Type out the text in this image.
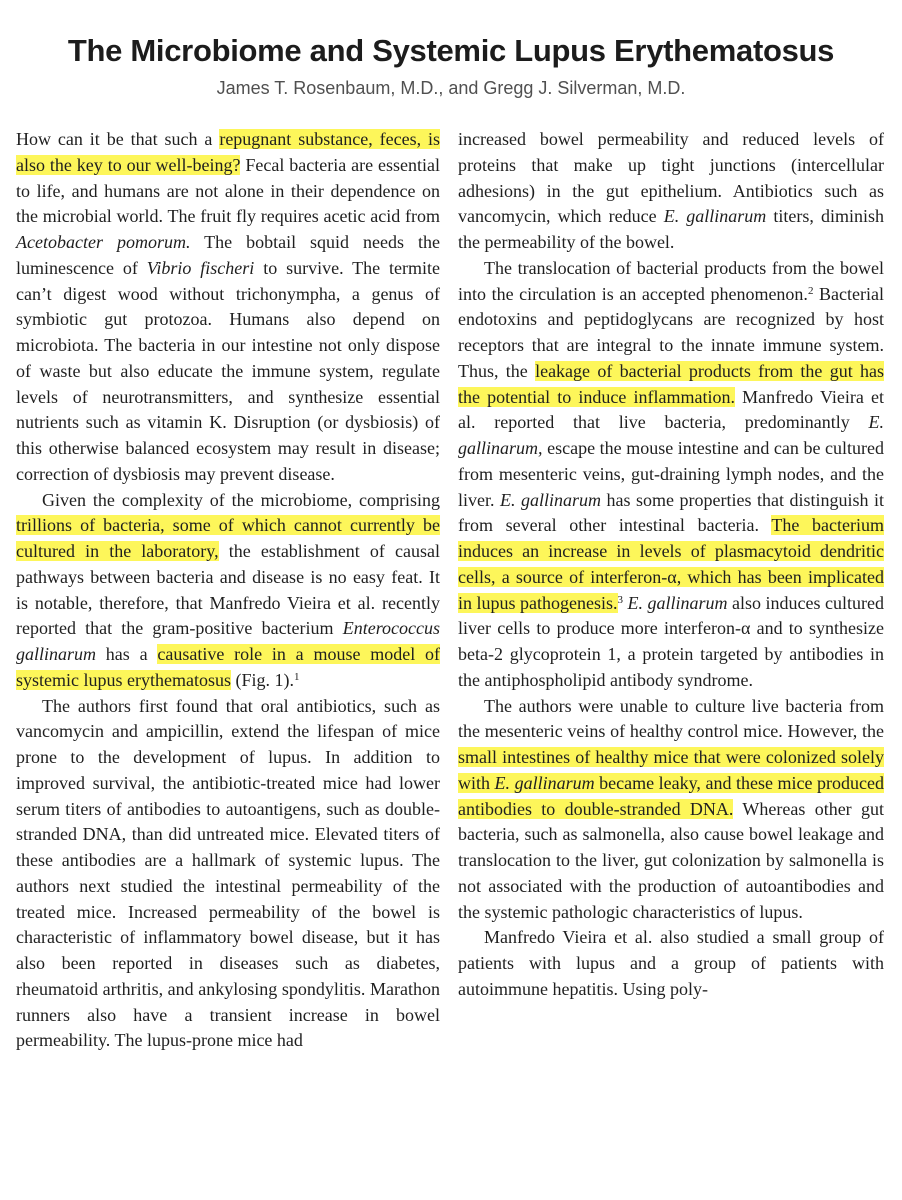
The Microbiome and Systemic Lupus Erythematosus
James T. Rosenbaum, M.D., and Gregg J. Silverman, M.D.

How can it be that such a repugnant substance, feces, is also the key to our well-being? Fecal bacteria are essential to life, and humans are not alone in their dependence on the microbial world. The fruit fly requires acetic acid from Acetobacter pomorum. The bobtail squid needs the luminescence of Vibrio fischeri to survive. The termite can’t digest wood without trichonympha, a genus of symbiotic gut protozoa. Humans also depend on microbiota. The bacteria in our intestine not only dispose of waste but also educate the immune system, regulate levels of neurotransmitters, and synthesize essential nutrients such as vitamin K. Disruption (or dysbiosis) of this otherwise balanced ecosystem may result in disease; correction of dysbiosis may prevent disease.

Given the complexity of the microbiome, comprising trillions of bacteria, some of which cannot currently be cultured in the laboratory, the establishment of causal pathways between bacteria and disease is no easy feat. It is notable, therefore, that Manfredo Vieira et al. recently reported that the gram-positive bacterium Enterococcus gallinarum has a causative role in a mouse model of systemic lupus erythematosus (Fig. 1).$^1$

The authors first found that oral antibiotics, such as vancomycin and ampicillin, extend the lifespan of mice prone to the development of lupus. In addition to improved survival, the antibiotic-treated mice had lower serum titers of antibodies to autoantigens, such as double-stranded DNA, than did untreated mice. Elevated titers of these antibodies are a hallmark of systemic lupus. The authors next studied the intestinal permeability of the treated mice. Increased permeability of the bowel is characteristic of inflammatory bowel disease, but it has also been reported in diseases such as diabetes, rheumatoid arthritis, and ankylosing spondylitis. Marathon runners also have a transient increase in bowel permeability. The lupus-prone mice had

increased bowel permeability and reduced levels of proteins that make up tight junctions (intercellular adhesions) in the gut epithelium. Antibiotics such as vancomycin, which reduce E. gallinarum titers, diminish the permeability of the bowel.

The translocation of bacterial products from the bowel into the circulation is an accepted phenomenon.$^2$ Bacterial endotoxins and peptidoglycans are recognized by host receptors that are integral to the innate immune system. Thus, the leakage of bacterial products from the gut has the potential to induce inflammation. Manfredo Vieira et al. reported that live bacteria, predominantly E. gallinarum, escape the mouse intestine and can be cultured from mesenteric veins, gut-draining lymph nodes, and the liver. E. gallinarum has some properties that distinguish it from several other intestinal bacteria. The bacterium induces an increase in levels of plasmacytoid dendritic cells, a source of interferon-α, which has been implicated in lupus pathogenesis.$^3$ E. gallinarum also induces cultured liver cells to produce more interferon-α and to synthesize beta-2 glycoprotein 1, a protein targeted by antibodies in the antiphospholipid antibody syndrome.

The authors were unable to culture live bacteria from the mesenteric veins of healthy control mice. However, the small intestines of healthy mice that were colonized solely with E. gallinarum became leaky, and these mice produced antibodies to double-stranded DNA. Whereas other gut bacteria, such as salmonella, also cause bowel leakage and translocation to the liver, gut colonization by salmonella is not associated with the production of autoantibodies and the systemic pathologic characteristics of lupus.

Manfredo Vieira et al. also studied a small group of patients with lupus and a group of patients with autoimmune hepatitis. Using poly-
